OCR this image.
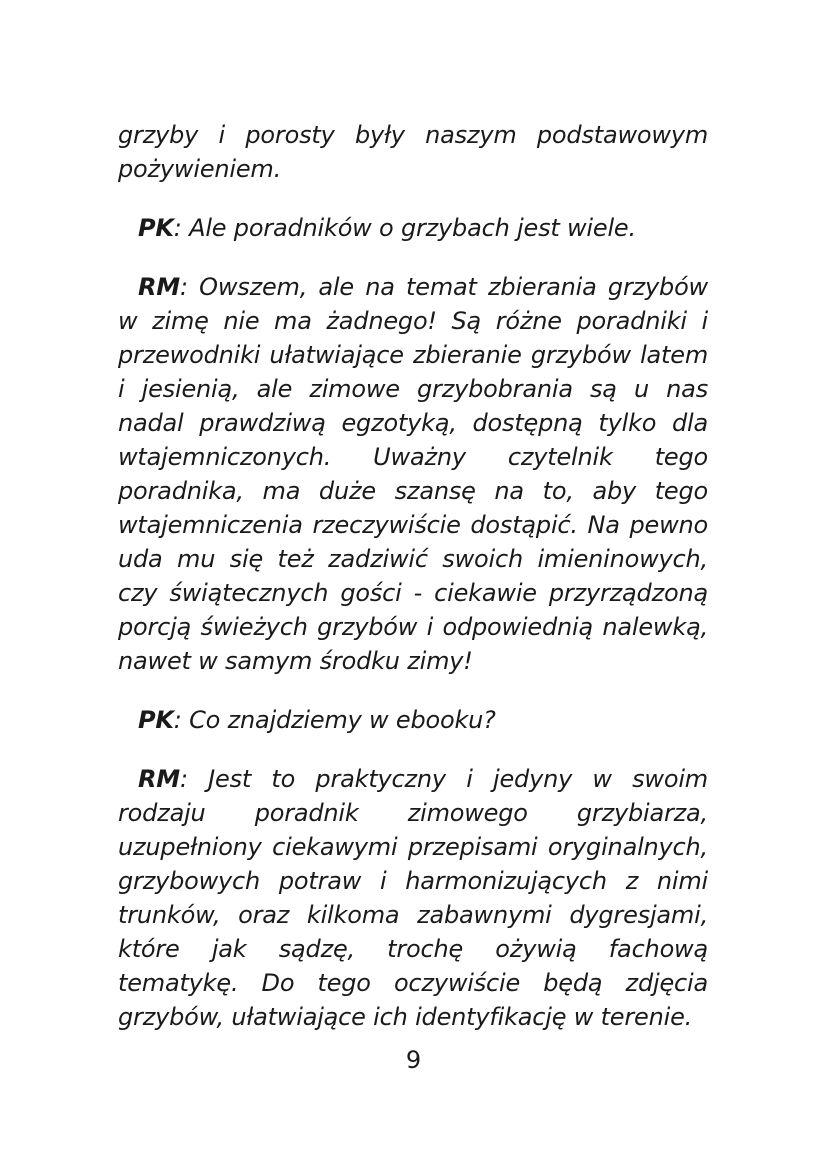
grzyby i porosty były naszym podstawowym pożywieniem.

PK: Ale poradników o grzybach jest wiele.

RM: Owszem, ale na temat zbierania grzybów w zimę nie ma żadnego! Są różne poradniki i przewodniki ułatwiające zbieranie grzybów latem i jesienią, ale zimowe grzybobrania są u nas nadal prawdziwą egzotyką, dostępną tylko dla wtajemniczonych. Uważny czytelnik tego poradnika, ma duże szansę na to, aby tego wtajemniczenia rzeczywiście dostąpić. Na pewno uda mu się też zadziwić swoich imieninowych, czy świątecznych gości - ciekawie przyrządzoną porcją świeżych grzybów i odpowiednią nalewką, nawet w samym środku zimy!

PK: Co znajdziemy w ebooku?

RM: Jest to praktyczny i jedyny w swoim rodzaju poradnik zimowego grzybiarza, uzupełniony ciekawymi przepisami oryginalnych, grzybowych potraw i harmonizujących z nimi trunków, oraz kilkoma zabawnymi dygresjami, które jak sądzę, trochę ożywią fachową tematykę. Do tego oczywiście będą zdjęcia grzybów, ułatwiające ich identyfikację w terenie.

9
